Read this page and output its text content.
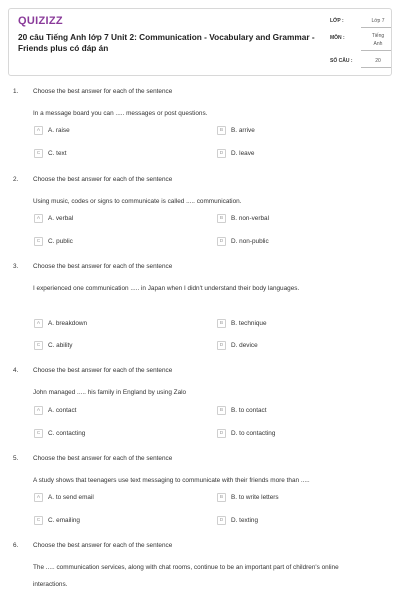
QUIZIZZ
20 câu Tiếng Anh lớp 7 Unit 2: Communication - Vocabulary and Grammar - Friends plus có đáp án
LỚP :	Lớp 7
MÔN :	Tiếng Anh
SỐ CÂU :	20
1. Choose the best answer for each of the sentence
In a message board you can ..... messages or post questions.
A	A. raise	B	B. arrive
C	C. text	D	D. leave
2. Choose the best answer for each of the sentence
Using music, codes or signs to communicate is called ..... communication.
A	A. verbal	B	B. non-verbal
C	C. public	D	D. non-public
3. Choose the best answer for each of the sentence
I experienced one communication ..... in Japan when I didn't understand their body languages.
A	A. breakdown	B	B. technique
C	C. ability	D	D. device
4. Choose the best answer for each of the sentence
John managed ..... his family in England by using Zalo
A	A. contact	B	B. to contact
C	C. contacting	D	D. to contacting
5. Choose the best answer for each of the sentence
A study shows that teenagers use text messaging to communicate with their friends more than .....
A	A. to send email	B	B. to write letters
C	C. emailing	D	D. texting
6. Choose the best answer for each of the sentence
The ..... communication services, along with chat rooms, continue to be an important part of children's online interactions.
